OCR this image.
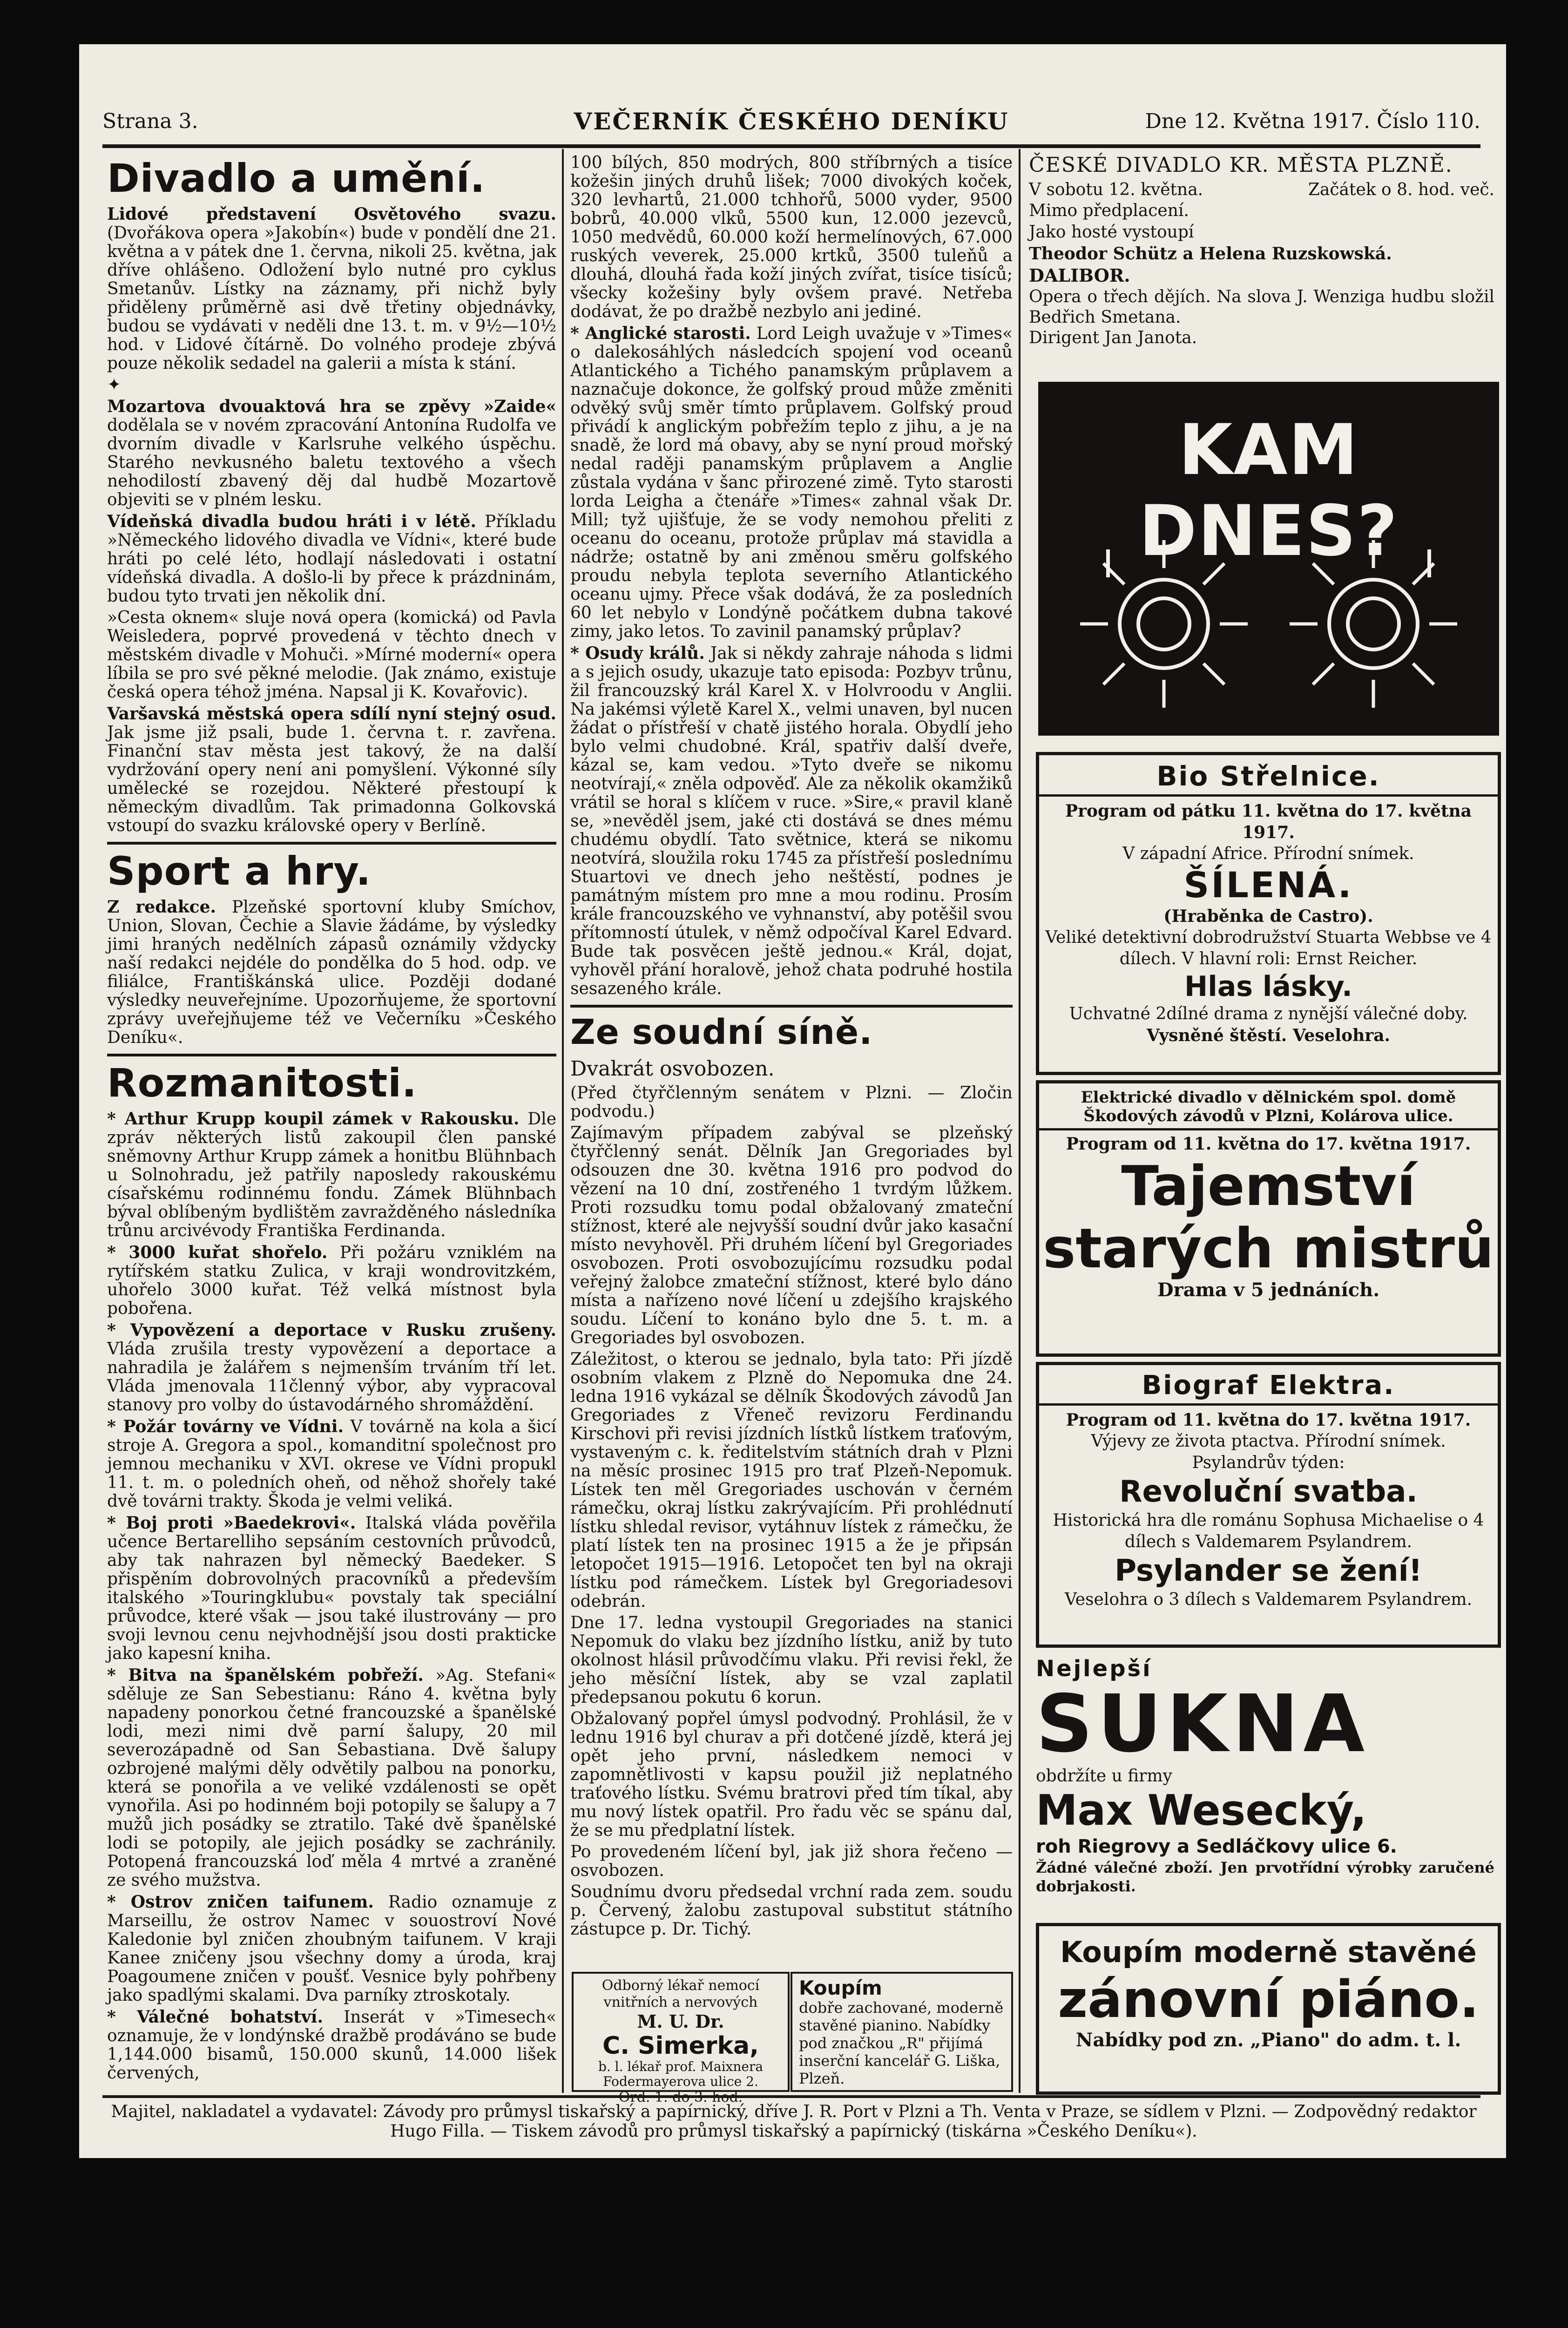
Strana 3.	VEČERNÍK ČESKÉHO DENÍKU	Dne 12. Května 1917. Číslo 110.
Divadlo a umění.

Lidové představení Osvětového svazu. (Dvořákova opera »Jakobín«) bude v pondělí dne 21. května a v pátek dne 1. června, nikoli 25. května, jak dříve ohlášeno. Odložení bylo nutné pro cyklus Smetanův. Lístky na záznamy, při nichž byly přiděleny průměrně asi dvě třetiny objednávky, budou se vydávati v neděli dne 13. t. m. v 9½—10½ hod. v Lidové čítárně. Do volného prodeje zbývá pouze několik sedadel na galerii a místa k stání.

✦

Mozartova dvouaktová hra se zpěvy »Zaide« dodělala se v novém zpracování Antonína Rudolfa ve dvorním divadle v Karlsruhe velkého úspěchu. Starého nevkusného baletu textového a všech nehodilostí zbavený děj dal hudbě Mozartově objeviti se v plném lesku.

Vídeňská divadla budou hráti i v létě. Příkladu »Německého lidového divadla ve Vídni«, které bude hráti po celé léto, hodlají následovati i ostatní vídeňská divadla. A došlo-li by přece k prázdninám, budou tyto trvati jen několik dní.

»Cesta oknem« sluje nová opera (komická) od Pavla Weisledera, poprvé provedená v těchto dnech v městském divadle v Mohuči. »Mírné moderní« opera líbila se pro své pěkné melodie. (Jak známo, existuje česká opera téhož jména. Napsal ji K. Kovařovic).

Varšavská městská opera sdílí nyní stejný osud. Jak jsme již psali, bude 1. června t. r. zavřena. Finanční stav města jest takový, že na další vydržování opery není ani pomyšlení. Výkonné síly umělecké se rozejdou. Některé přestoupí k německým divadlům. Tak primadonna Golkovská vstoupí do svazku královské opery v Berlíně.

Sport a hry.

Z redakce. Plzeňské sportovní kluby Smíchov, Union, Slovan, Čechie a Slavie žádáme, by výsledky jimi hraných nedělních zápasů oznámily vždycky naší redakci nejdéle do pondělka do 5 hod. odp. ve filiálce, Františkánská ulice. Později dodané výsledky neuveřejníme. Upozorňujeme, že sportovní zprávy uveřejňujeme též ve Večerníku »Českého Deníku«.

Rozmanitosti.

* Arthur Krupp koupil zámek v Rakousku. Dle zpráv některých listů zakoupil člen panské sněmovny Arthur Krupp zámek a honitbu Blühnbach u Solnohradu, jež patřily naposledy rakouskému císařskému rodinnému fondu. Zámek Blühnbach býval oblíbeným bydlištěm zavražděného následníka trůnu arcivévody Františka Ferdinanda.

* 3000 kuřat shořelo. Při požáru vzniklém na rytířském statku Zulica, v kraji wondrovitzkém, uhořelo 3000 kuřat. Též velká místnost byla pobořena.

* Vypovězení a deportace v Rusku zrušeny. Vláda zrušila tresty vypovězení a deportace a nahradila je žalářem s nejmenším trváním tří let. Vláda jmenovala 11členný výbor, aby vypracoval stanovy pro volby do ústavodárného shromáždění.

* Požár továrny ve Vídni. V továrně na kola a šicí stroje A. Gregora a spol., komanditní společnost pro jemnou mechaniku v XVI. okrese ve Vídni propukl 11. t. m. o poledních oheň, od něhož shořely také dvě továrni trakty. Škoda je velmi veliká.

* Boj proti »Baedekrovi«. Italská vláda pověřila učence Bertarelliho sepsáním cestovních průvodců, aby tak nahrazen byl německý Baedeker. S přispěním dobrovolných pracovníků a především italského »Touringklubu« povstaly tak speciální průvodce, které však — jsou také ilustrovány — pro svoji levnou cenu nejvhodnější jsou dosti prakticke jako kapesní kniha.

* Bitva na španělském pobřeží. »Ag. Stefani« sděluje ze San Sebestianu: Ráno 4. května byly napadeny ponorkou četné francouzské a španělské lodi, mezi nimi dvě parní šalupy, 20 mil severozápadně od San Sebastiana. Dvě šalupy ozbrojené malými děly odvětily palbou na ponorku, která se ponořila a ve veliké vzdálenosti se opět vynořila. Asi po hodinném boji potopily se šalupy a 7 mužů jich posádky se ztratilo. Také dvě španělské lodi se potopily, ale jejich posádky se zachránily. Potopená francouzská loď měla 4 mrtvé a zraněné ze svého mužstva.

* Ostrov zničen taifunem. Radio oznamuje z Marseillu, že ostrov Namec v souostroví Nové Kaledonie byl zničen zhoubným taifunem. V kraji Kanee zničeny jsou všechny domy a úroda, kraj Poagoumene zničen v poušť. Vesnice byly pohřbeny jako spadlými skalami. Dva parníky ztroskotaly.

* Válečné bohatství. Inserát v »Timesech« oznamuje, že v londýnské dražbě prodáváno se bude 1,144.000 bisamů, 150.000 skunů, 14.000 lišek červených,

100 bílých, 850 modrých, 800 stříbrných a tisíce kožešin jiných druhů lišek; 7000 divokých koček, 320 levhartů, 21.000 tchhořů, 5000 vyder, 9500 bobrů, 40.000 vlků, 5500 kun, 12.000 jezevců, 1050 medvědů, 60.000 koží hermelínových, 67.000 ruských veverek, 25.000 krtků, 3500 tuleňů a dlouhá, dlouhá řada koží jiných zvířat, tisíce tisíců; všecky kožešiny byly ovšem pravé. Netřeba dodávat, že po dražbě nezbylo ani jediné.

* Anglické starosti. Lord Leigh uvažuje v »Times« o dalekosáhlých následcích spojení vod oceanů Atlantického a Tichého panamským průplavem a naznačuje dokonce, že golfský proud může změniti odvěký svůj směr tímto průplavem. Golfský proud přivádí k anglickým pobřežím teplo z jihu, a je na snadě, že lord má obavy, aby se nyní proud mořský nedal raději panamským průplavem a Anglie zůstala vydána v šanc přirozené zimě. Tyto starosti lorda Leigha a čtenáře »Times« zahnal však Dr. Mill; tyž ujišťuje, že se vody nemohou přeliti z oceanu do oceanu, protože průplav má stavidla a nádrže; ostatně by ani změnou směru golfského proudu nebyla teplota severního Atlantického oceanu ujmy. Přece však dodává, že za posledních 60 let nebylo v Londýně počátkem dubna takové zimy, jako letos. To zavinil panamský průplav?

* Osudy králů. Jak si někdy zahraje náhoda s lidmi a s jejich osudy, ukazuje tato episoda: Pozbyv trůnu, žil francouzský král Karel X. v Holvroodu v Anglii. Na jakémsi výletě Karel X., velmi unaven, byl nucen žádat o přístřeší v chatě jistého horala. Obydlí jeho bylo velmi chudobné. Král, spatřiv další dveře, kázal se, kam vedou. »Tyto dveře se nikomu neotvírají,« zněla odpověď. Ale za několik okamžiků vrátil se horal s klíčem v ruce. »Sire,« pravil klaně se, »nevěděl jsem, jaké cti dostává se dnes mému chudému obydlí. Tato světnice, která se nikomu neotvírá, sloužila roku 1745 za přístřeší poslednímu Stuartovi ve dnech jeho neštěstí, podnes je památným místem pro mne a mou rodinu. Prosím krále francouzského ve vyhnanství, aby potěšil svou přítomností útulek, v němž odpočíval Karel Edvard. Bude tak posvěcen ještě jednou.« Král, dojat, vyhověl přání horalově, jehož chata podruhé hostila sesazeného krále.

Ze soudní síně.

Dvakrát osvobozen.

(Před čtyřčlenným senátem v Plzni. — Zločin podvodu.)

Zajímavým případem zabýval se plzeňský čtyřčlenný senát. Dělník Jan Gregoriades byl odsouzen dne 30. května 1916 pro podvod do vězení na 10 dní, zostřeného 1 tvrdým lůžkem. Proti rozsudku tomu podal obžalovaný zmateční stížnost, které ale nejvyšší soudní dvůr jako kasační místo nevyhověl. Při druhém líčení byl Gregoriades osvobozen. Proti osvobozujícímu rozsudku podal veřejný žalobce zmateční stížnost, které bylo dáno místa a nařízeno nové líčení u zdejšího krajského soudu. Líčení to konáno bylo dne 5. t. m. a Gregoriades byl osvobozen.

Záležitost, o kterou se jednalo, byla tato: Při jízdě osobním vlakem z Plzně do Nepomuka dne 24. ledna 1916 vykázal se dělník Škodových závodů Jan Gregoriades z Vřeneč revizoru Ferdinandu Kirschovi při revisi jízdních lístků lístkem traťovým, vystaveným c. k. ředitelstvím státních drah v Plzni na měsíc prosinec 1915 pro trať Plzeň-Nepomuk. Lístek ten měl Gregoriades uschován v černém rámečku, okraj lístku zakrývajícím. Při prohlédnutí lístku shledal revisor, vytáhnuv lístek z rámečku, že platí lístek ten na prosinec 1915 a že je připsán letopočet 1915—1916. Letopočet ten byl na okraji lístku pod rámečkem. Lístek byl Gregoriadesovi odebrán.

Dne 17. ledna vystoupil Gregoriades na stanici Nepomuk do vlaku bez jízdního lístku, aniž by tuto okolnost hlásil průvodčímu vlaku. Při revisi řekl, že jeho měsíční lístek, aby se vzal zaplatil předepsanou pokutu 6 korun.

Obžalovaný popřel úmysl podvodný. Prohlásil, že v lednu 1916 byl churav a při dotčené jízdě, která jej opět jeho první, následkem nemoci v zapomnětlivosti v kapsu použil již neplatného traťového lístku. Svému bratrovi před tím tíkal, aby mu nový lístek opatřil. Pro řadu věc se spánu dal, že se mu předplatní lístek.

Po provedeném líčení byl, jak již shora řečeno — osvobozen.

Soudnímu dvoru předsedal vrchní rada zem. soudu p. Červený, žalobu zastupoval substitut státního zástupce p. Dr. Tichý.

Odborný lékař nemocí vnitřních a nervových

M. U. Dr.

C. Simerka,

b. l. lékař prof. Maixnera Fodermayerova ulice 2.

Koupím

dobře zachované, moderně stavěné pianino. Nabídky pod značkou „R" přijímá inserční kancelář G. Liška, Plzeň.

ČESKÉ DIVADLO KR. MĚSTA PLZNĚ.

V sobotu 12. května.	Začátek o 8. hod. več.

Mimo předplacení.

Jako hosté vystoupí

Theodor Schütz a Helena Ruzskowská.

DALIBOR.

Opera o třech dějích. Na slova J. Wenziga hudbu složil Bedřich Smetana.

Dirigent Jan Janota.

KAM DNES?

Bio Střelnice.

Program od pátku 11. května do 17. května 1917.

V západní Africe. Přírodní snímek.

ŠÍLENÁ.

(Hraběnka de Castro).

Veliké detektivní dobrodružství Stuarta Webbse ve 4 dílech. V hlavní roli: Ernst Reicher.

Hlas lásky.

Uchvatné 2dílné drama z nynější válečné doby.

Vysněné štěstí. Veselohra.

Elektrické divadlo v dělnickém spol. domě Škodových závodů v Plzni, Kolárova ulice.

Program od 11. května do 17. května 1917.

Tajemství

starých mistrů

Drama v 5 jednáních.

Biograf Elektra.

Program od 11. května do 17. května 1917.

Výjevy ze života ptactva. Přírodní snímek.

Psylandrův týden:

Revoluční svatba.

Historická hra dle románu Sophusa Michaelise o 4 dílech s Valdemarem Psylandrem.

Psylander se žení!

Veselohra o 3 dílech s Valdemarem Psylandrem.

Nejlepší

SUKNA

obdržíte u firmy

Max Wesecký,

roh Riegrovy a Sedláčkovy ulice 6.

Žádné válečné zboží. Jen prvotřídní výrobky zaručené dobrjakosti.

Koupím moderně stavěné

zánovní piáno.

Nabídky pod zn. „Piano" do adm. t. l.

Majitel, nakladatel a vydavatel: Závody pro průmysl tiskařský a papírnický, dříve J. R. Port v Plzni a Th. Venta v Praze, se sídlem v Plzni. — Zodpovědný redaktor Hugo Filla. — Tiskem závodů pro průmysl tiskařský a papírnický (tiskárna »Českého Deníku«).
